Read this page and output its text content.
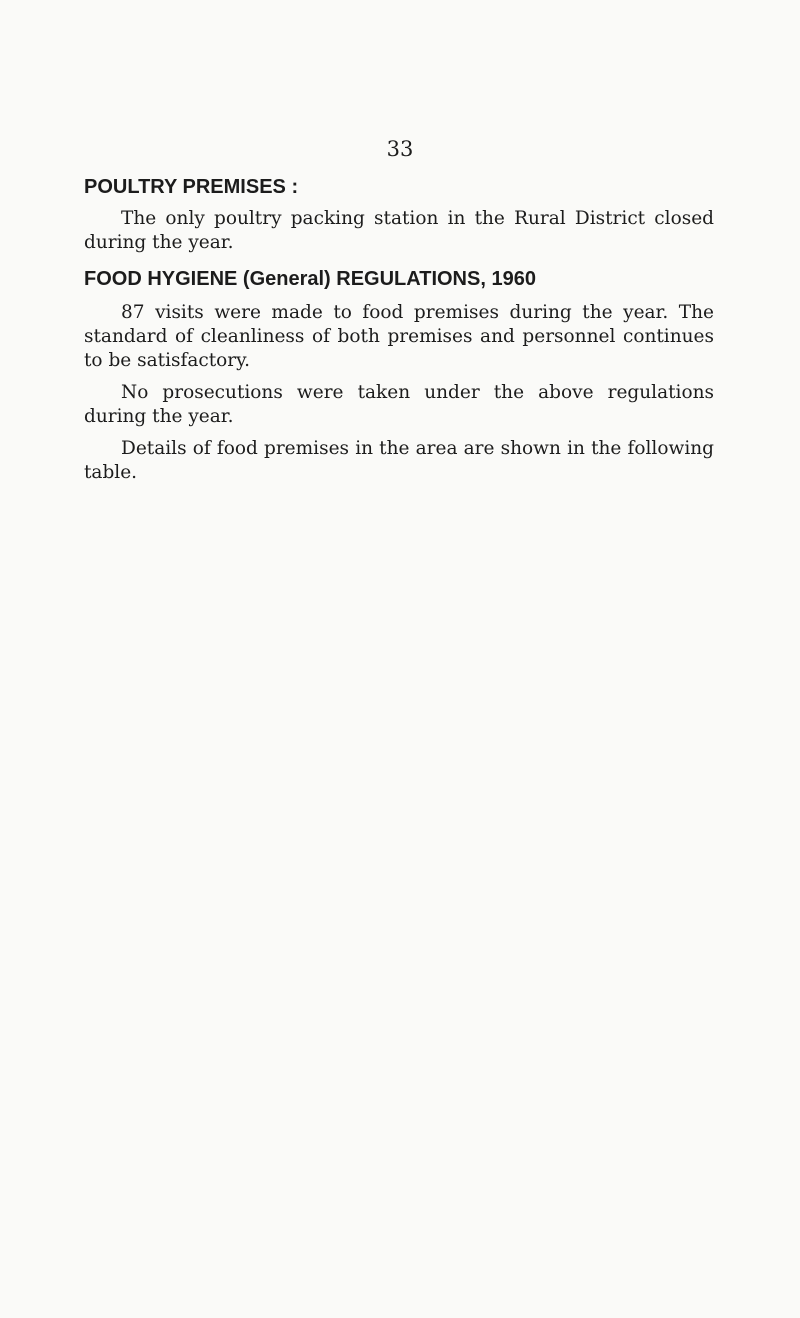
33
POULTRY PREMISES :

The only poultry packing station in the Rural District closed during the year.

FOOD HYGIENE (General) REGULATIONS, 1960

87 visits were made to food premises during the year. The standard of cleanliness of both premises and personnel continues to be satisfactory.

No prosecutions were taken under the above regulations during the year.

Details of food premises in the area are shown in the following table.
